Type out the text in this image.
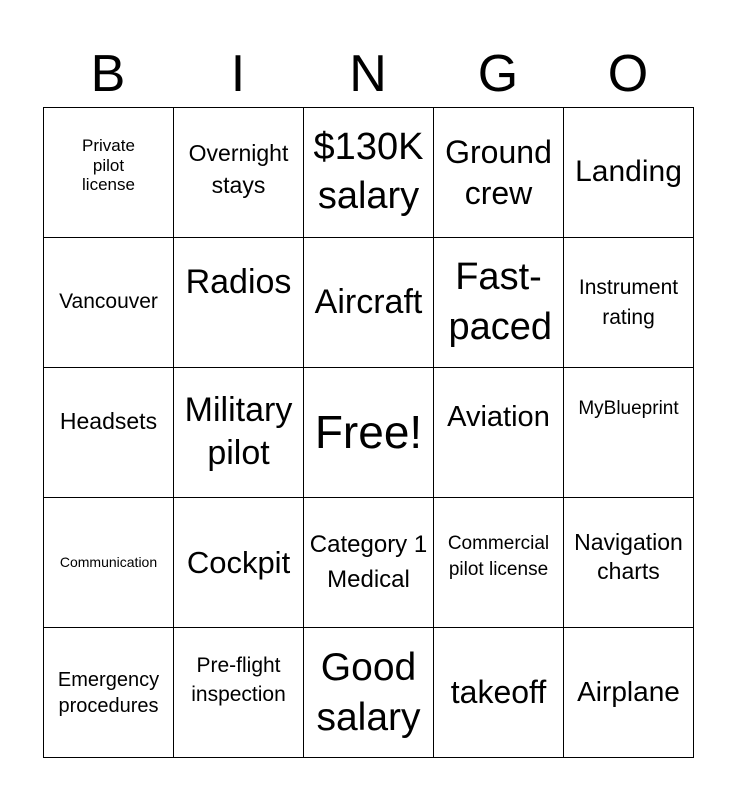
B	I	N	G	O
Private pilot license
Overnight stays
$130K salary
Ground crew
Landing
Vancouver
Radios
Aircraft
Fast-paced
Instrument rating
Headsets Military pilot Free! Aviation MyBlueprint
Communication Cockpit Category 1 Medical
Commercial pilot license
Navigation charts
Emergency procedures
Pre-flight inspection
Good salary
takeoff Airplane
